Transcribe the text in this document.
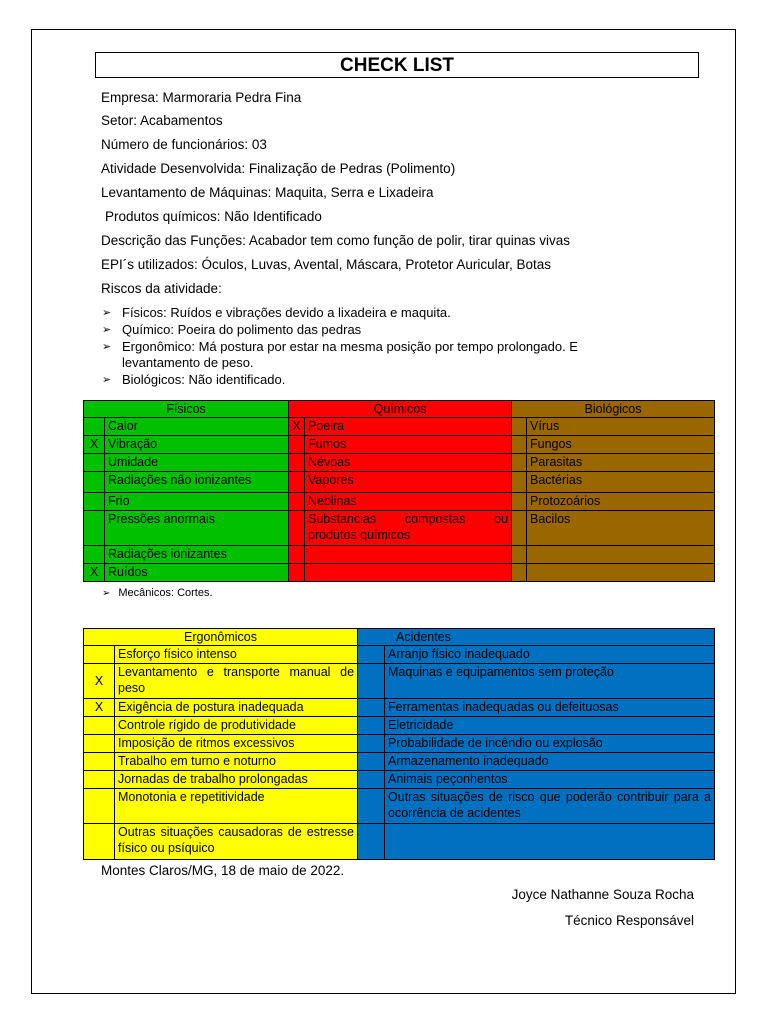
CHECK LIST
Empresa: Marmoraria Pedra Fina
Setor: Acabamentos
Número de funcionários: 03
Atividade Desenvolvida: Finalização de Pedras (Polimento)
Levantamento de Máquinas: Maquita, Serra e Lixadeira
Produtos químicos: Não Identificado
Descrição das Funções: Acabador tem como função de polir, tirar quinas vivas
EPI´s utilizados: Óculos, Luvas, Avental, Máscara, Protetor Auricular, Botas
Riscos da atividade:
➢ Físicos: Ruídos e vibrações devido a lixadeira e maquita.
➢ Químico: Poeira do polimento das pedras
➢ Ergonômico: Má postura por estar na mesma posição por tempo prolongado. E levantamento de peso.
➢ Biológicos: Não identificado.
Físicos		Químicos		Biológicos	
	Calor	X	Poeira		Vírus
X	Vibração		Fumos		Fungos
	Umidade		Névoas		Parasitas
	Radiações não ionizantes		Vapores		Bactérias
	Frio		Neblinas		Protozoários
	Pressões anormais		Substancias compostas ou produtos químicos		Bacilos
	Radiações ionizantes				
X	Ruídos				
➢ Mecânicos: Cortes.
Ergonômicos		Acidentes	
	Esforço físico intenso		Arranjo físico inadequado
X	Levantamento e transporte manual de peso		Maquinas e equipamentos sem proteção
X	Exigência de postura inadequada		Ferramentas inadequadas ou defeituosas
	Controle rígido de produtividade		Eletricidade
	Imposição de ritmos excessivos		Probabilidade de incêndio ou explosão
	Trabalho em turno e noturno		Armazenamento inadequado
	Jornadas de trabalho prolongadas		Animais peçonhentos
	Monotonia e repetitividade		Outras situações de risco que poderão contribuir para a ocorrência de acidentes
	Outras situações causadoras de estresse físico ou psíquico		
Montes Claros/MG, 18 de maio de 2022.
Joyce Nathanne Souza Rocha
Técnico Responsável
